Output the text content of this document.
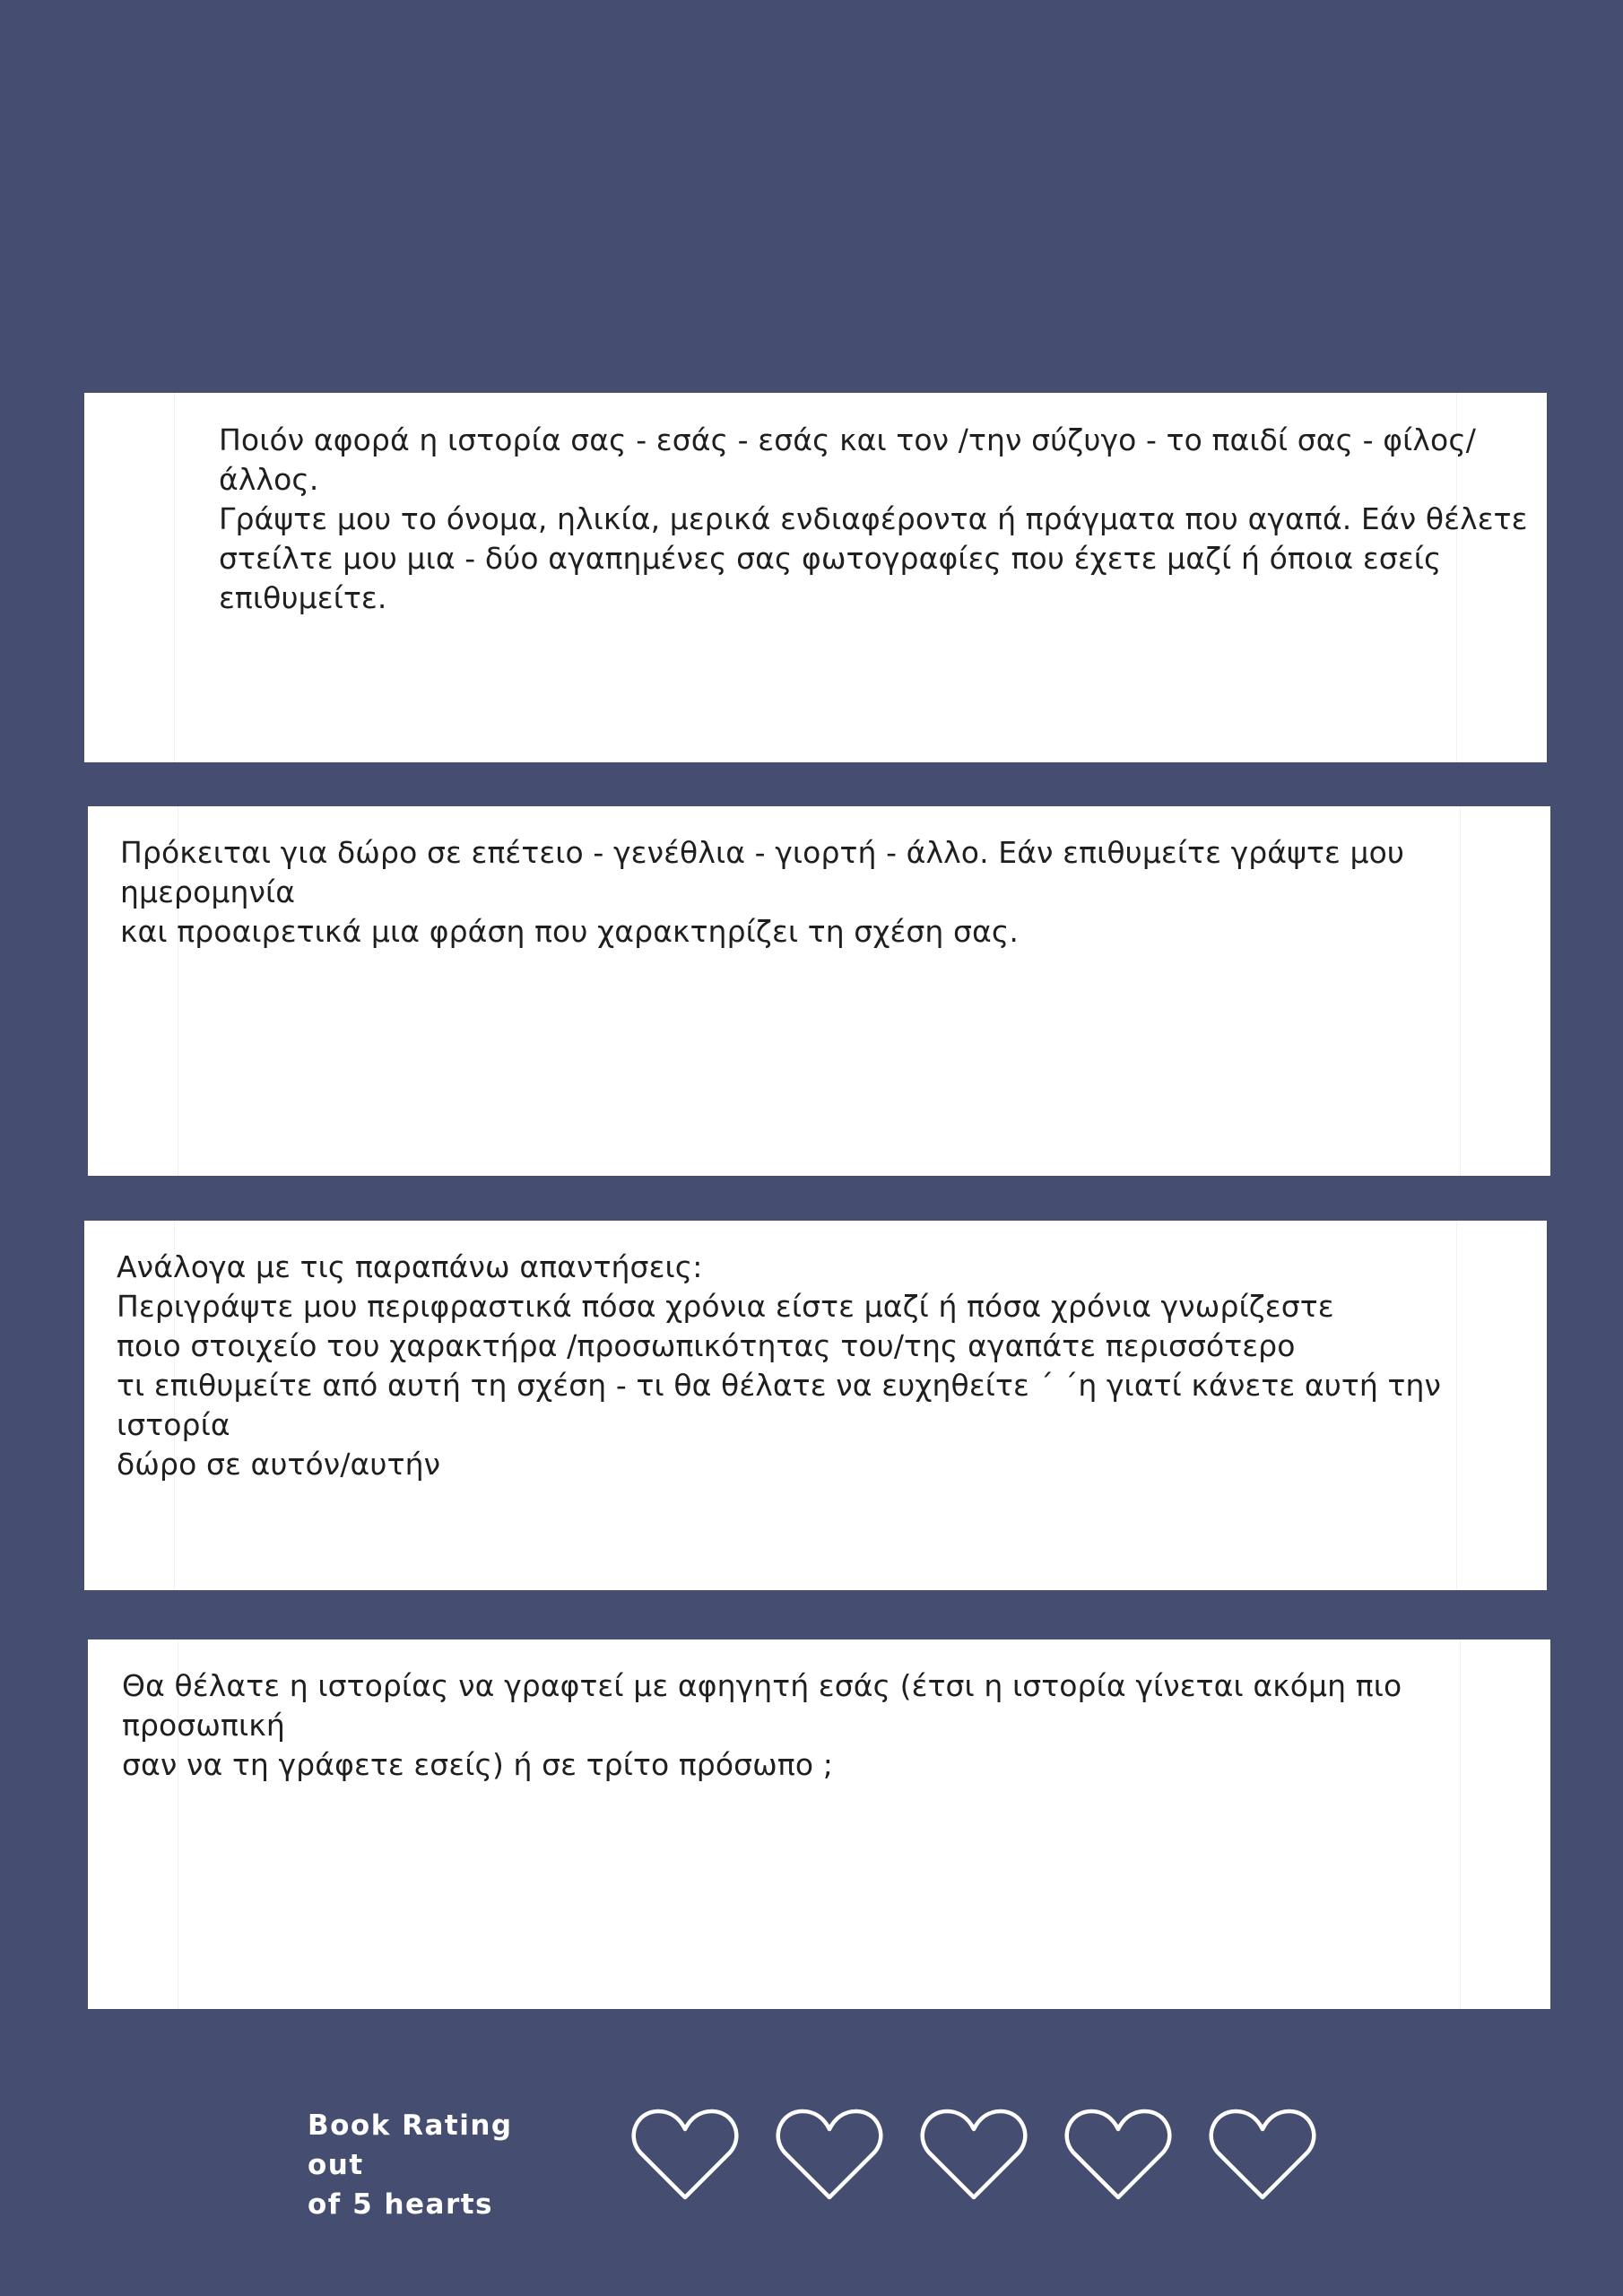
Ποιόν αφορά η ιστορία σας - εσάς - εσάς και τον /την σύζυγο - το παιδί σας - φίλος/άλλος.
Γράψτε μου το όνομα, ηλικία, μερικά ενδιαφέροντα ή πράγματα που αγαπά. Εάν θέλετε
στείλτε μου μια - δύο αγαπημένες σας φωτογραφίες που έχετε μαζί ή όποια εσείς
επιθυμείτε.
Πρόκειται για δώρο σε επέτειο - γενέθλια - γιορτή - άλλο. Εάν επιθυμείτε γράψτε μου ημερομηνία
και προαιρετικά μια φράση που χαρακτηρίζει τη σχέση σας.
Ανάλογα με τις παραπάνω απαντήσεις:
Περιγράψτε μου περιφραστικά πόσα χρόνια είστε μαζί ή πόσα χρόνια γνωρίζεστε
ποιο στοιχείο του χαρακτήρα /προσωπικότητας του/της αγαπάτε περισσότερο
τι επιθυμείτε από αυτή τη σχέση - τι θα θέλατε να ευχηθείτε ΄ ΄η γιατί κάνετε αυτή την ιστορία
δώρο σε αυτόν/αυτήν
Θα θέλατε η ιστορίας να γραφτεί με αφηγητή εσάς (έτσι η ιστορία γίνεται ακόμη πιο προσωπική
σαν να τη γράφετε εσείς) ή σε τρίτο πρόσωπο ;
Book Rating out
of 5 hearts
